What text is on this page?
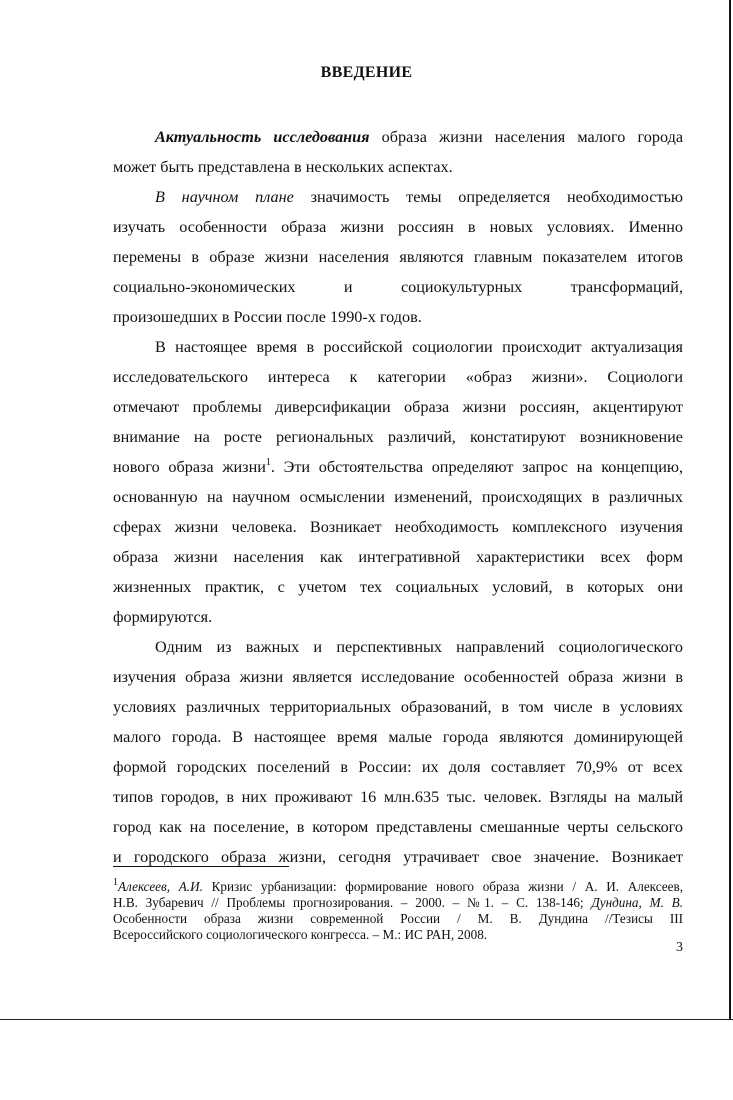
ВВЕДЕНИЕ

Актуальность исследования образа жизни населения малого города

может быть представлена в нескольких аспектах.

В научном плане значимость темы определяется необходимостью

изучать особенности образа жизни россиян в новых условиях. Именно

перемены в образе жизни населения являются главным показателем итогов

социально-экономических и социокультурных трансформаций,

произошедших в России после 1990-х годов.

В настоящее время в российской социологии происходит актуализация

исследовательского интереса к категории «образ жизни». Социологи

отмечают проблемы диверсификации образа жизни россиян, акцентируют

внимание на росте региональных различий, констатируют возникновение

нового образа жизни$^1$. Эти обстоятельства определяют запрос на концепцию,

основанную на научном осмыслении изменений, происходящих в различных

сферах жизни человека. Возникает необходимость комплексного изучения

образа жизни населения как интегративной характеристики всех форм

жизненных практик, с учетом тех социальных условий, в которых они

формируются.

Одним из важных и перспективных направлений социологического

изучения образа жизни является исследование особенностей образа жизни в

условиях различных территориальных образований, в том числе в условиях

малого города. В настоящее время малые города являются доминирующей

формой городских поселений в России: их доля составляет 70,9% от всех

типов городов, в них проживают 16 млн.635 тыс. человек. Взгляды на малый

город как на поселение, в котором представлены смешанные черты сельского

и городского образа жизни, сегодня утрачивает свое значение. Возникает

$^1$Алексеев, А.И. Кризис урбанизации: формирование нового образа жизни / А. И. Алексеев,

Н.В. Зубаревич // Проблемы прогнозирования. – 2000. – №1. – С. 138-146; Дундина, М. В.

Особенности образа жизни современной России / М. В. Дундина //Тезисы III

Всероссийского социологического конгресса. – М.: ИС РАН, 2008.

3
